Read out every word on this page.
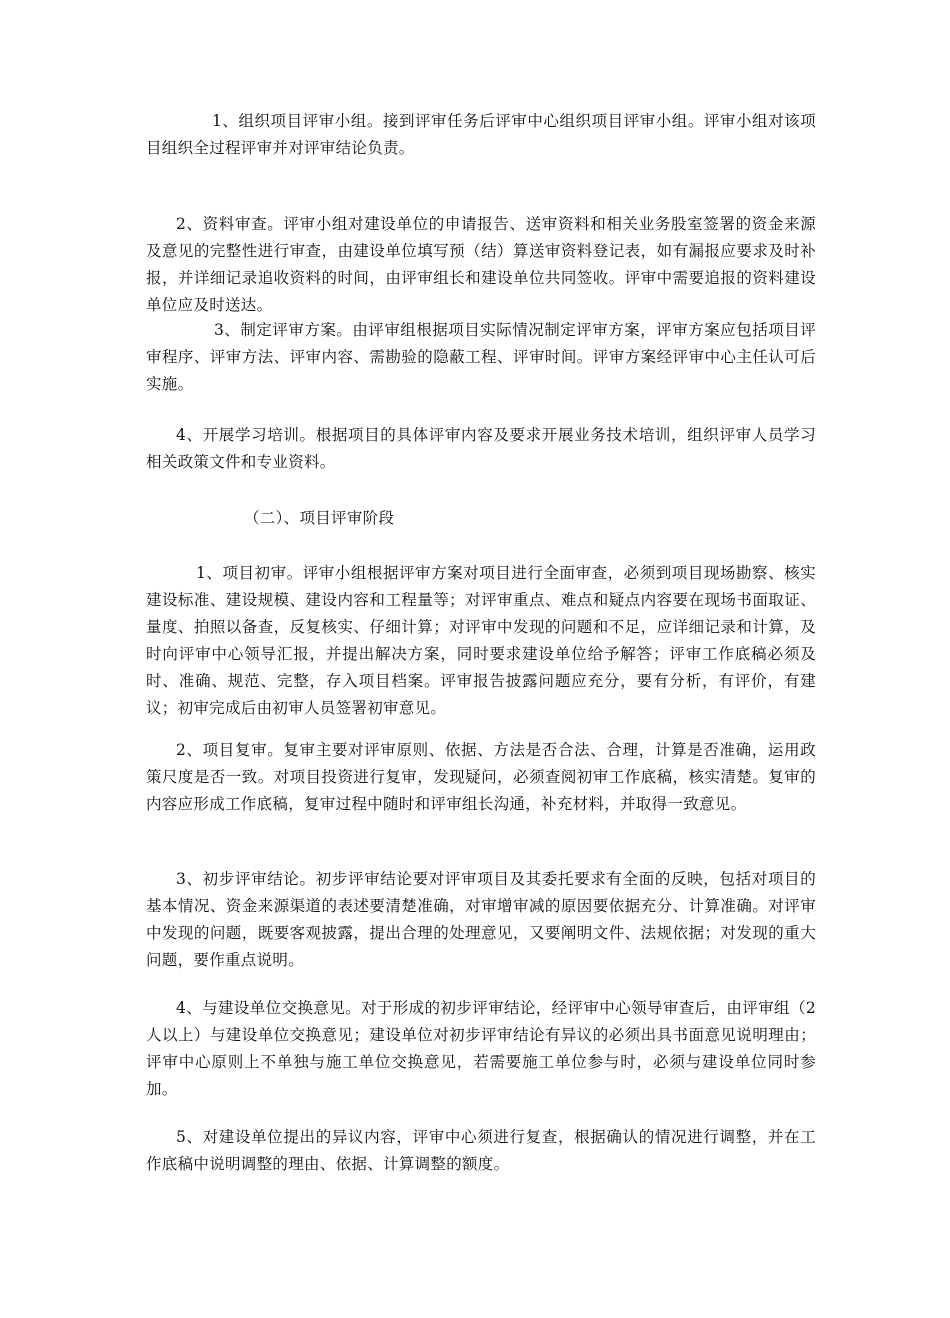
1、组织项目评审小组。接到评审任务后评审中心组织项目评审小组。评审小组对该项目组织全过程评审并对评审结论负责。

2、资料审查。评审小组对建设单位的申请报告、送审资料和相关业务股室签署的资金来源及意见的完整性进行审查，由建设单位填写预（结）算送审资料登记表，如有漏报应要求及时补报，并详细记录追收资料的时间，由评审组长和建设单位共同签收。评审中需要追报的资料建设单位应及时送达。

3、制定评审方案。由评审组根据项目实际情况制定评审方案，评审方案应包括项目评审程序、评审方法、评审内容、需勘验的隐蔽工程、评审时间。评审方案经评审中心主任认可后实施。

4、开展学习培训。根据项目的具体评审内容及要求开展业务技术培训，组织评审人员学习相关政策文件和专业资料。

（二）、项目评审阶段

1、项目初审。评审小组根据评审方案对项目进行全面审查，必须到项目现场勘察、核实建设标准、建设规模、建设内容和工程量等；对评审重点、难点和疑点内容要在现场书面取证、量度、拍照以备查，反复核实、仔细计算；对评审中发现的问题和不足，应详细记录和计算，及时向评审中心领导汇报，并提出解决方案，同时要求建设单位给予解答；评审工作底稿必须及时、准确、规范、完整，存入项目档案。评审报告披露问题应充分，要有分析，有评价，有建议；初审完成后由初审人员签署初审意见。

2、项目复审。复审主要对评审原则、依据、方法是否合法、合理，计算是否准确，运用政策尺度是否一致。对项目投资进行复审，发现疑问，必须查阅初审工作底稿，核实清楚。复审的内容应形成工作底稿，复审过程中随时和评审组长沟通，补充材料，并取得一致意见。

3、初步评审结论。初步评审结论要对评审项目及其委托要求有全面的反映，包括对项目的基本情况、资金来源渠道的表述要清楚准确，对审增审减的原因要依据充分、计算准确。对评审中发现的问题，既要客观披露，提出合理的处理意见，又要阐明文件、法规依据；对发现的重大问题，要作重点说明。

4、与建设单位交换意见。对于形成的初步评审结论，经评审中心领导审查后，由评审组（2人以上）与建设单位交换意见；建设单位对初步评审结论有异议的必须出具书面意见说明理由；评审中心原则上不单独与施工单位交换意见，若需要施工单位参与时，必须与建设单位同时参加。

5、对建设单位提出的异议内容，评审中心须进行复查，根据确认的情况进行调整，并在工作底稿中说明调整的理由、依据、计算调整的额度。
